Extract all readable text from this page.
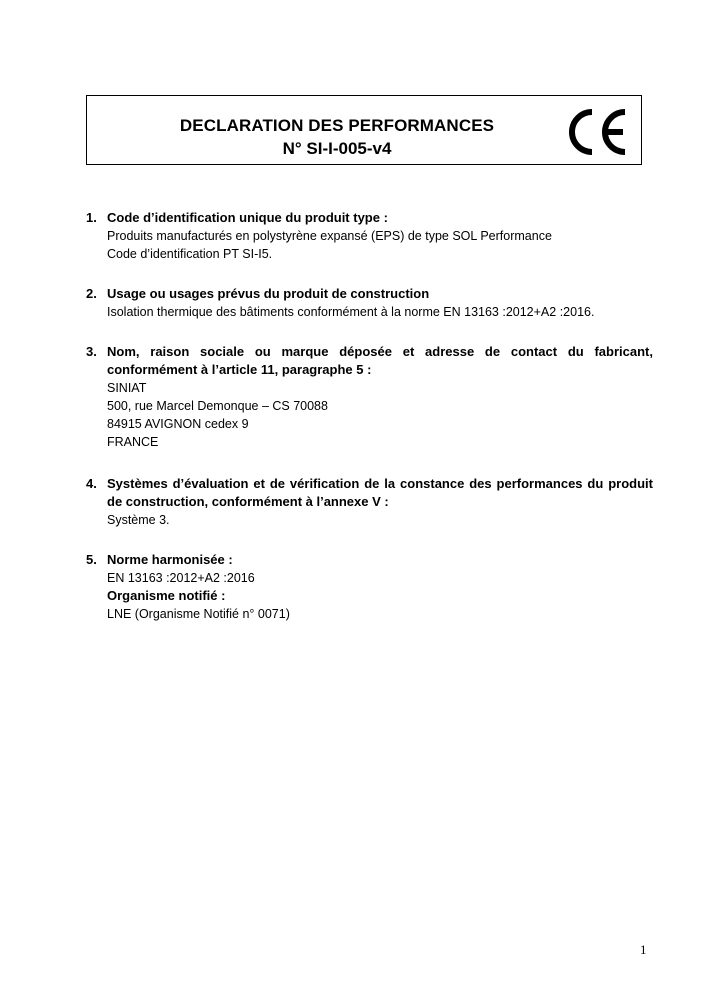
DECLARATION DES PERFORMANCES
N° SI-I-005-v4
1. Code d’identification unique du produit type :
Produits manufacturés en polystyrène expansé (EPS) de type SOL Performance
Code d’identification PT SI-I5.
2. Usage ou usages prévus du produit de construction
Isolation thermique des bâtiments conformément à la norme EN 13163 :2012+A2 :2016.
3. Nom, raison sociale ou marque déposée et adresse de contact du fabricant, conformément à l’article 11, paragraphe 5 :
SINIAT
500, rue Marcel Demonque – CS 70088
84915 AVIGNON cedex 9
FRANCE
4. Systèmes d’évaluation et de vérification de la constance des performances du produit de construction, conformément à l’annexe V :
Système 3.
5. Norme harmonisée :
EN 13163 :2012+A2 :2016
Organisme notifié :
LNE (Organisme Notifié n° 0071)
1
